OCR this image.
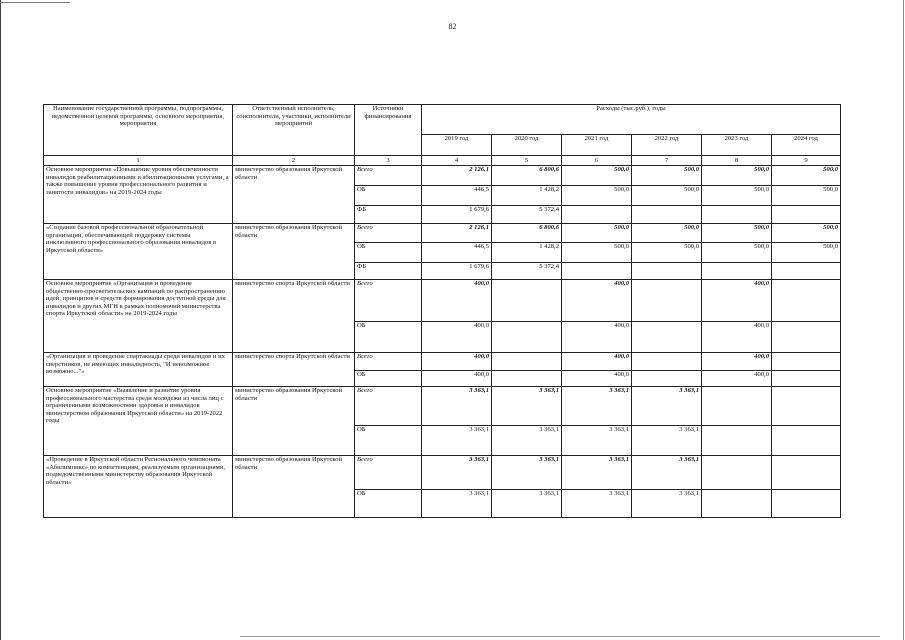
82
Наименование государственной программы, подпрограммы, ведомственной целевой программы, основного мероприятия, мероприятия	Ответственный исполнитель, соисполнители, участники, исполнители мероприятий	Источники финансирования	Расходы (тыс.руб.), годы					
			2019 год	2020 год	2021 год	2022 год	2023 год	2024 год
1	2	3	4	5	6	7	8	9
Основное мероприятие «Повышение уровня обеспеченности инвалидов реабилитационными и абилитационными услугами, а также повышение уровня профессионального развития и занятости инвалидов» на 2019-2024 годы	министерство образования Иркутской области	Всего	2 126,1	6 800,6	500,0	500,0	500,0	500,0
		ОБ	446,5	1 428,2	500,0	500,0	500,0	500,0
		ФБ	1 679,6	5 372,4				
«Создание базовой профессиональной образовательной организации, обеспечивающей поддержку системы инклюзивного профессионального образования инвалидов в Иркутской области»	министерство образования Иркутской области	Всего	2 126,1	6 800,6	500,0	500,0	500,0	500,0
		ОБ	446,5	1 428,2	500,0	500,0	500,0	500,0
		ФБ	1 679,6	5 372,4				
Основное мероприятие «Организация и проведение общественно-просветительских кампаний по распространению идей, принципов и средств формирования доступной среды для инвалидов и других МГН в рамках полномочий министерства спорта Иркутской области» на 2019-2024 годы	министерство спорта Иркутской области	Всего	400,0		400,0		400,0	
		ОБ	400,0		400,0		400,0	
«Организация и проведение спартакиады среди инвалидов и их сверстников, не имеющих инвалидность, "И невозможное возможно..."»	министерство спорта Иркутской области	Всего	400,0		400,0		400,0	
		ОБ	400,0		400,0		400,0	
Основное мероприятие «Выявление и развитие уровня профессионального мастерства среди молодежи из числа лиц с ограниченными возможностями здоровья и инвалидов министерством образования Иркутской области» на 2019-2022 годы	министерство образования Иркутской области	Всего	3 363,1	3 363,1	3 363,1	3 363,1		
		ОБ	3 363,1	3 363,1	3 363,1	3 363,1		
«Проведение в Иркутской области Регионального чемпионата «Абилимпикс» по компетенциям, реализуемым организациями, подведомственными министерству образования Иркутской области»	министерство образования Иркутской области	Всего	3 363,1	3 363,1	3 363,1	3 363,1		
		ОБ	3 363,1	3 363,1	3 363,1	3 363,1		
